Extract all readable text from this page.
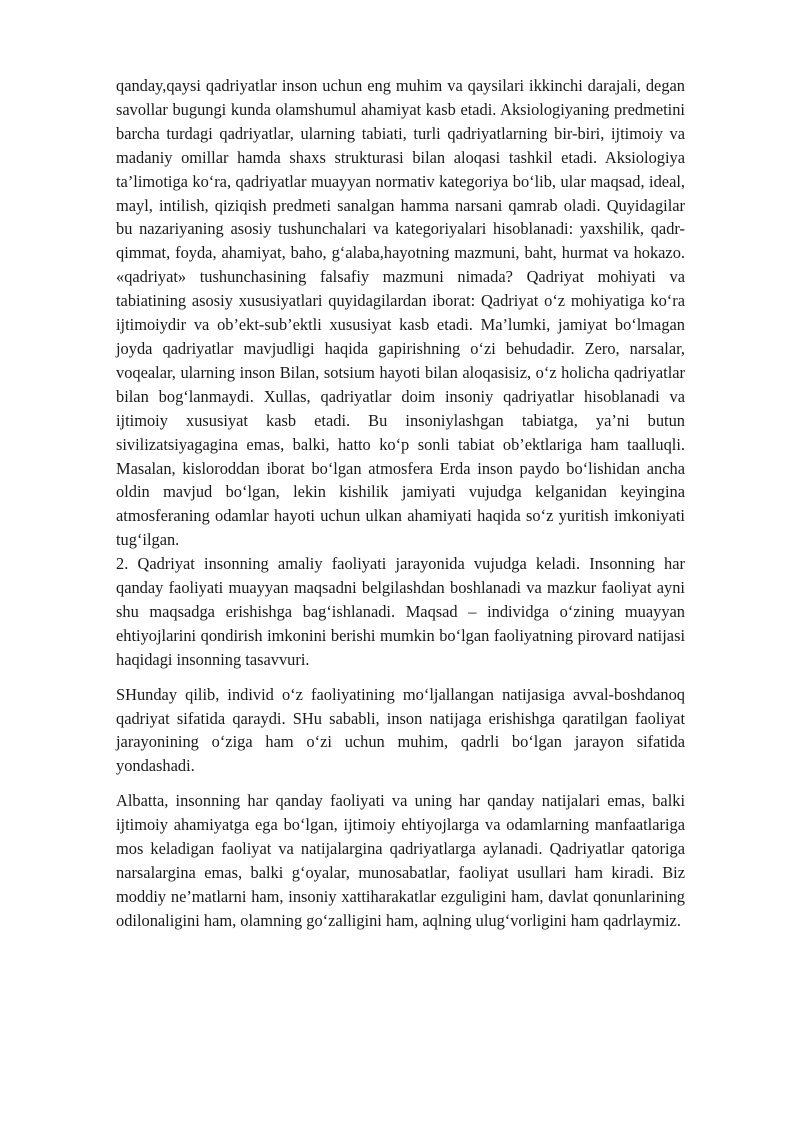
qanday,qaysi qadriyatlar inson uchun eng muhim va qaysilari ikkinchi darajali, degan savollar bugungi kunda olamshumul ahamiyat kasb etadi. Aksiologiyaning predmetini barcha turdagi qadriyatlar, ularning tabiati, turli qadriyatlarning bir-biri, ijtimoiy va madaniy omillar hamda shaxs strukturasi bilan aloqasi tashkil etadi. Aksiologiya ta’limotiga ko‘ra, qadriyatlar muayyan normativ kategoriya bo‘lib, ular maqsad, ideal, mayl, intilish, qiziqish predmeti sanalgan hamma narsani qamrab oladi. Quyidagilar bu nazariyaning asosiy tushunchalari va kategoriyalari hisoblanadi: yaxshilik, qadr-qimmat, foyda, ahamiyat, baho, g‘alaba,hayotning mazmuni, baht, hurmat va hokazo. «qadriyat» tushunchasining falsafiy mazmuni nimada? Qadriyat mohiyati va tabiatining asosiy xususiyatlari quyidagilardan iborat: Qadriyat o‘z mohiyatiga ko‘ra ijtimoiydir va ob’ekt-sub’ektli xususiyat kasb etadi. Ma’lumki, jamiyat bo‘lmagan joyda qadriyatlar mavjudligi haqida gapirishning o‘zi behudadir. Zero, narsalar, voqealar, ularning inson Bilan, sotsium hayoti bilan aloqasisiz, o‘z holicha qadriyatlar bilan bog‘lanmaydi. Xullas, qadriyatlar doim insoniy qadriyatlar hisoblanadi va ijtimoiy xususiyat kasb etadi. Bu insoniylashgan tabiatga, ya’ni butun sivilizatsiyagagina emas, balki, hatto ko‘p sonli tabiat ob’ektlariga ham taalluqli. Masalan, kisloroddan iborat bo‘lgan atmosfera Erda inson paydo bo‘lishidan ancha oldin mavjud bo‘lgan, lekin kishilik jamiyati vujudga kelganidan keyingina atmosferaning odamlar hayoti uchun ulkan ahamiyati haqida so‘z yuritish imkoniyati tug‘ilgan.

2. Qadriyat insonning amaliy faoliyati jarayonida vujudga keladi. Insonning har qanday faoliyati muayyan maqsadni belgilashdan boshlanadi va mazkur faoliyat ayni shu maqsadga erishishga bag‘ishlanadi. Maqsad – individga o‘zining muayyan ehtiyojlarini qondirish imkonini berishi mumkin bo‘lgan faoliyatning pirovard natijasi haqidagi insonning tasavvuri.

SHunday qilib, individ o‘z faoliyatining mo‘ljallangan natijasiga avval-boshdanoq qadriyat sifatida qaraydi. SHu sababli, inson natijaga erishishga qaratilgan faoliyat jarayonining o‘ziga ham o‘zi uchun muhim, qadrli bo‘lgan jarayon sifatida yondashadi.

Albatta, insonning har qanday faoliyati va uning har qanday natijalari emas, balki ijtimoiy ahamiyatga ega bo‘lgan, ijtimoiy ehtiyojlarga va odamlarning manfaatlariga mos keladigan faoliyat va natijalargina qadriyatlarga aylanadi. Qadriyatlar qatoriga narsalargina emas, balki g‘oyalar, munosabatlar, faoliyat usullari ham kiradi. Biz moddiy ne’matlarni ham, insoniy xattiharakatlar ezguligini ham, davlat qonunlarining odilonaligini ham, olamning go‘zalligini ham, aqlning ulug‘vorligini ham qadrlaymiz.
